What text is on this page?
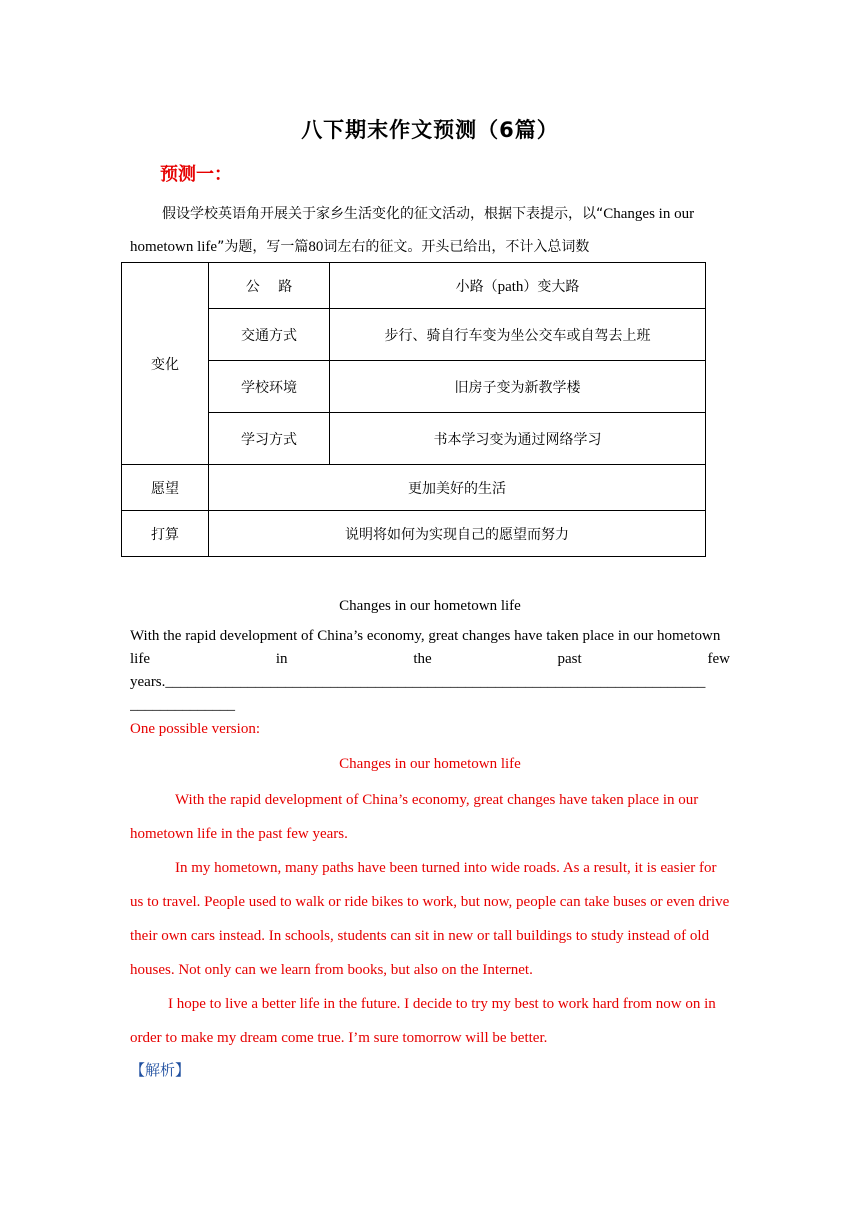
八下期末作文预测（6篇）
预测一：

假设学校英语角开展关于家乡生活变化的征文活动，根据下表提示，以“Changes in our hometown life”为题，写一篇80词左右的征文。开头已给出，不计入总词数

变化	公　 路	小路（path）变大路
	交通方式	步行、骑自行车变为坐公交车或自驾去上班
	学校环境	旧房子变为新教学楼
	学习方式	书本学习变为通过网络学习
愿望	更加美好的生活	
打算	说明将如何为实现自己的愿望而努力	
Changes in our hometown life
With the rapid development of China’s economy, great changes have taken place in our hometown
life in the past few
years.________________________________________________________________________
______________
One possible version:
Changes in our hometown life

With the rapid development of China’s economy, great changes have taken place in our hometown life in the past few years.

In my hometown, many paths have been turned into wide roads. As a result, it is easier for us to travel. People used to walk or ride bikes to work, but now, people can take buses or even drive their own cars instead. In schools, students can sit in new or tall buildings to study instead of old houses. Not only can we learn from books, but also on the Internet.

I hope to live a better life in the future. I decide to try my best to work hard from now on in order to make my dream come true. I’m sure tomorrow will be better.

【解析】
